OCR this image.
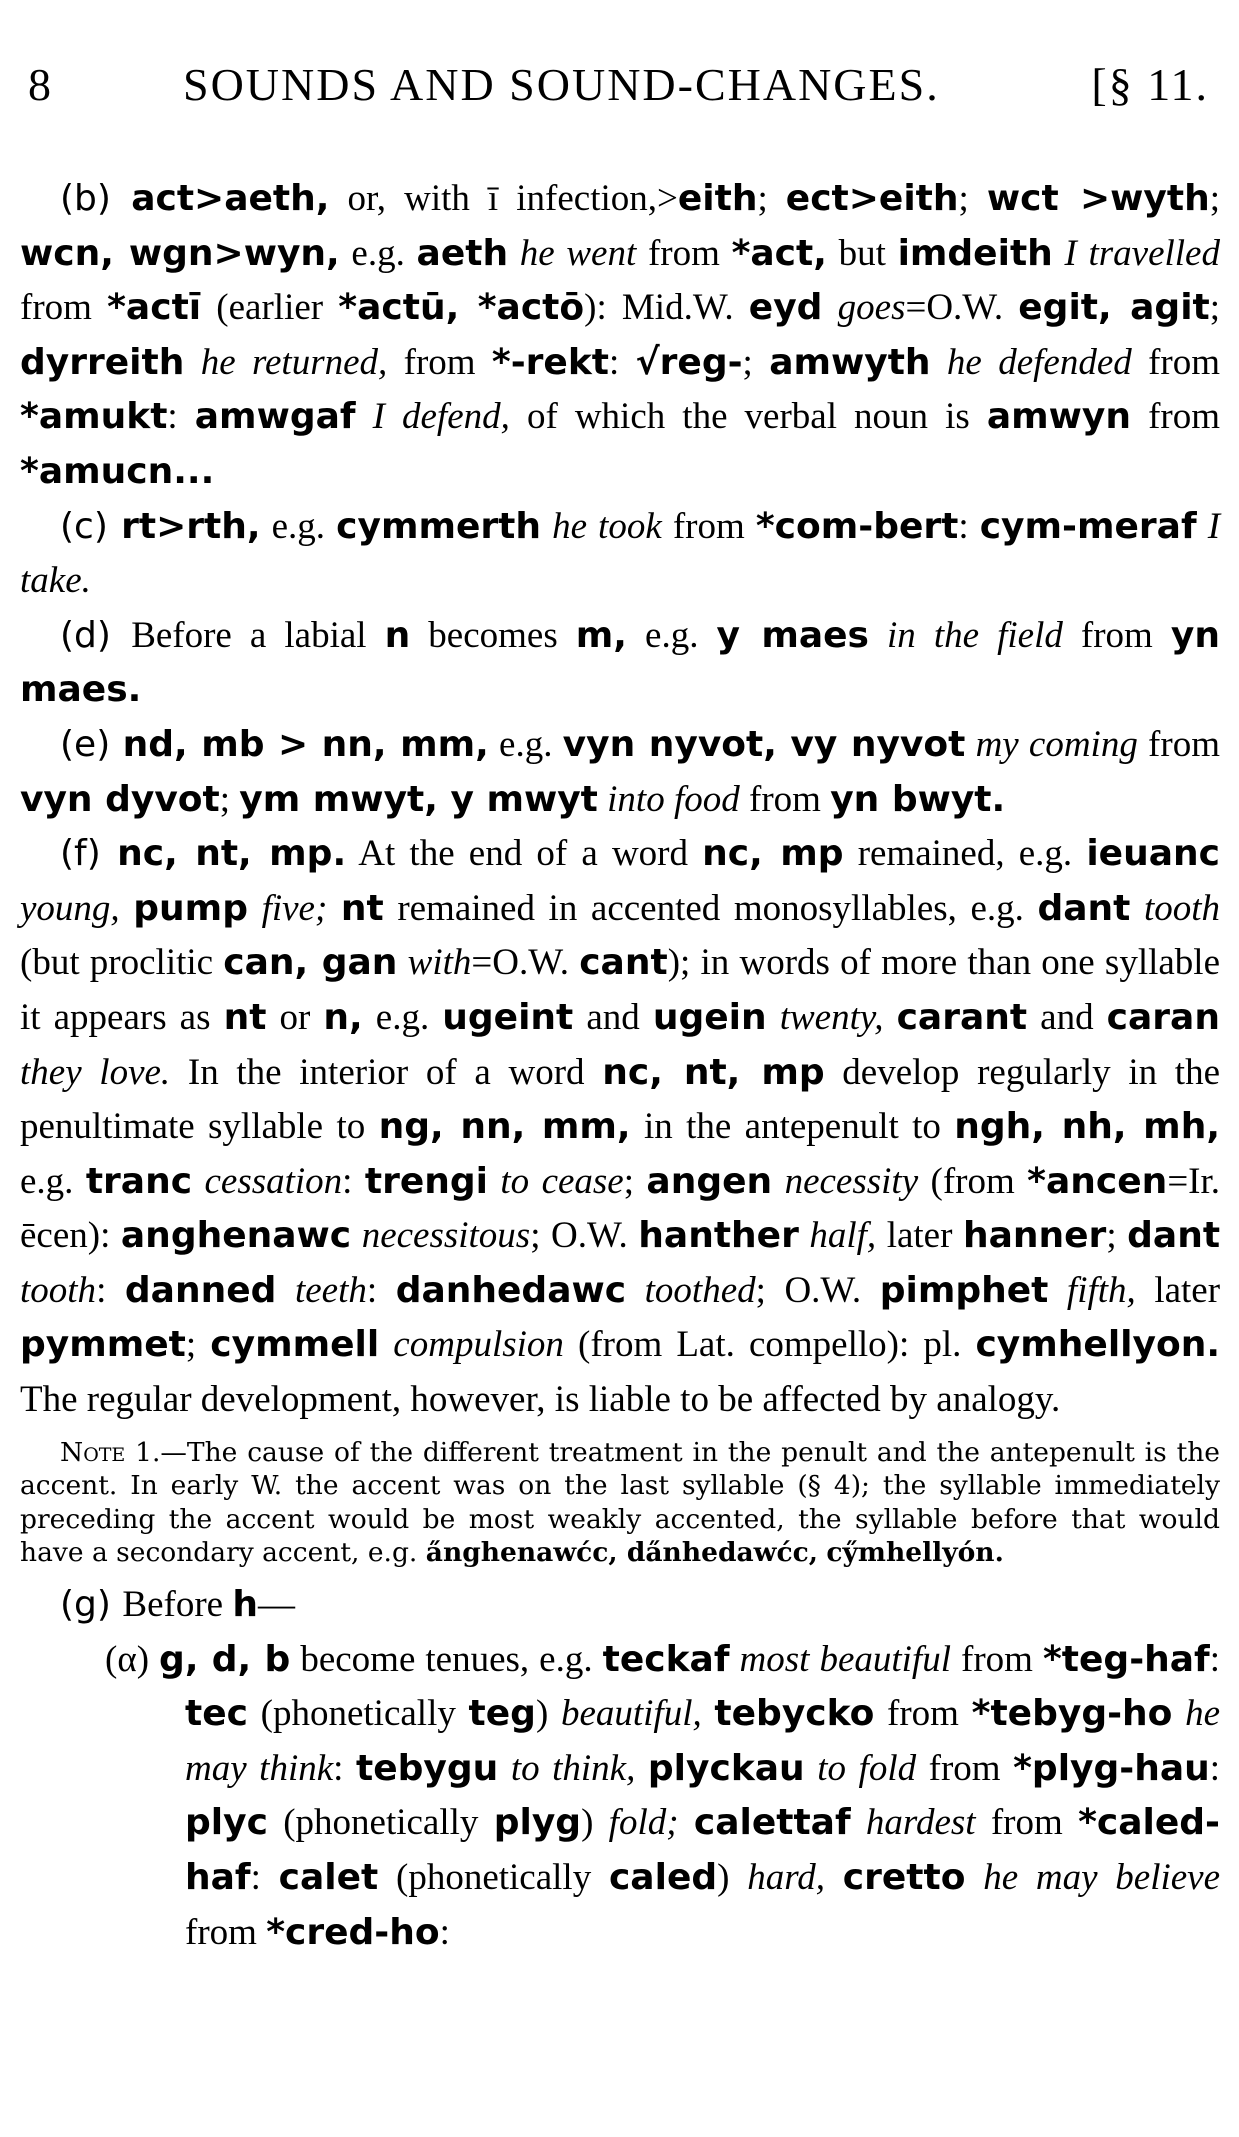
8	SOUNDS AND SOUND-CHANGES.	[§ 11.

(b) act>aeth, or, with ī infection,>eith; ect>eith; wct >wyth; wcn, wgn>wyn, e.g. aeth he went from *act, but imdeith I travelled from *actī (earlier *actū, *actō): Mid.W. eyd goes=O.W. egit, agit; dyrreith he returned, from *-rekt: √reg-; amwyth he defended from *amukt: amwgaf I defend, of which the verbal noun is amwyn from *amucn...

(c) rt>rth, e.g. cymmerth he took from *com-bert: cym-meraf I take.

(d) Before a labial n becomes m, e.g. y maes in the field from yn maes.

(e) nd, mb > nn, mm, e.g. vyn nyvot, vy nyvot my coming from vyn dyvot; ym mwyt, y mwyt into food from yn bwyt.

(f) nc, nt, mp. At the end of a word nc, mp remained, e.g. ieuanc young, pump five; nt remained in accented monosyllables, e.g. dant tooth (but proclitic can, gan with=O.W. cant); in words of more than one syllable it appears as nt or n, e.g. ugeint and ugein twenty, carant and caran they love. In the interior of a word nc, nt, mp develop regularly in the penultimate syllable to ng, nn, mm, in the antepenult to ngh, nh, mh, e.g. tranc cessation: trengi to cease; angen necessity (from *ancen=Ir. ēcen): anghenawc necessitous; O.W. hanther half, later hanner; dant tooth: danned teeth: danhedawc toothed; O.W. pimphet fifth, later pymmet; cymmell compulsion (from Lat. compello): pl. cymhellyon. The regular development, however, is liable to be affected by analogy.

Note 1.—The cause of the different treatment in the penult and the antepenult is the accent. In early W. the accent was on the last syllable (§ 4); the syllable immediately preceding the accent would be most weakly accented, the syllable before that would have a secondary accent, e.g. a̋nghenawćc, da̋nhedawćc, cy̋mhellyón.

(g) Before h—

(α) g, d, b become tenues, e.g. teckaf most beautiful from *teg-haf: tec (phonetically teg) beautiful, tebycko from *tebyg-ho he may think: tebygu to think, plyckau to fold from *plyg-hau: plyc (phonetically plyg) fold; calettaf hardest from *caled-haf: calet (phonetically caled) hard, cretto he may believe from *cred-ho:
